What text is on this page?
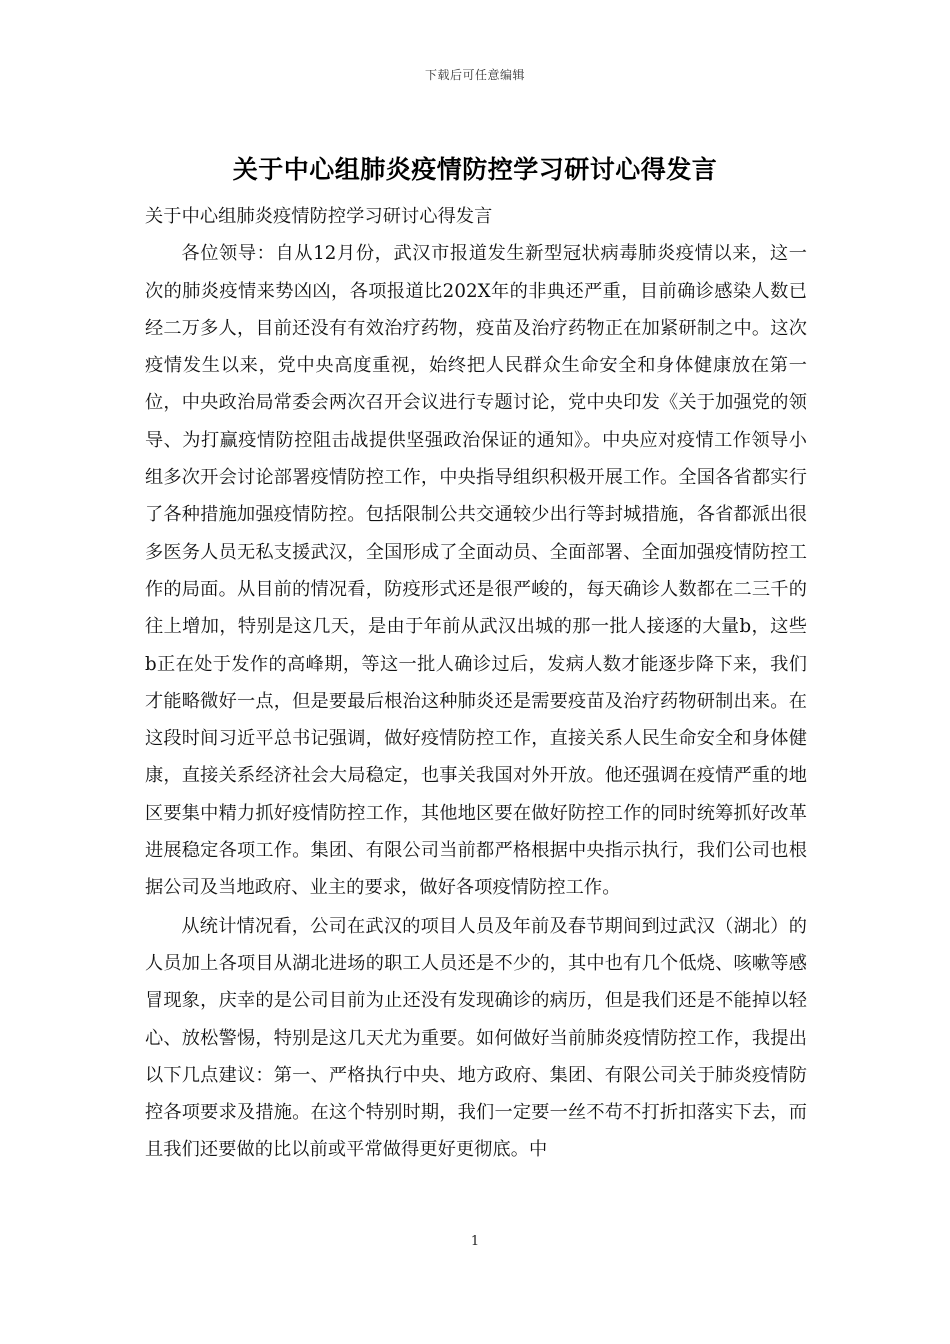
下载后可任意编辑
关于中心组肺炎疫情防控学习研讨心得发言

关于中心组肺炎疫情防控学习研讨心得发言

各位领导：自从12月份，武汉市报道发生新型冠状病毒肺炎疫情以来，这一次的肺炎疫情来势凶凶，各项报道比202X年的非典还严重，目前确诊感染人数已经二万多人，目前还没有有效治疗药物，疫苗及治疗药物正在加紧研制之中。这次疫情发生以来，党中央高度重视，始终把人民群众生命安全和身体健康放在第一位，中央政治局常委会两次召开会议进行专题讨论，党中央印发《关于加强党的领导、为打赢疫情防控阻击战提供坚强政治保证的通知》。中央应对疫情工作领导小组多次开会讨论部署疫情防控工作，中央指导组织积极开展工作。全国各省都实行了各种措施加强疫情防控。包括限制公共交通较少出行等封城措施，各省都派出很多医务人员无私支援武汉，全国形成了全面动员、全面部署、全面加强疫情防控工作的局面。从目前的情况看，防疫形式还是很严峻的，每天确诊人数都在二三千的往上增加，特别是这几天，是由于年前从武汉出城的那一批人接逐的大量b，这些b正在处于发作的高峰期，等这一批人确诊过后，发病人数才能逐步降下来，我们才能略微好一点，但是要最后根治这种肺炎还是需要疫苗及治疗药物研制出来。在这段时间习近平总书记强调，做好疫情防控工作，直接关系人民生命安全和身体健康，直接关系经济社会大局稳定，也事关我国对外开放。他还强调在疫情严重的地区要集中精力抓好疫情防控工作，其他地区要在做好防控工作的同时统筹抓好改革进展稳定各项工作。集团、有限公司当前都严格根据中央指示执行，我们公司也根据公司及当地政府、业主的要求，做好各项疫情防控工作。

从统计情况看，公司在武汉的项目人员及年前及春节期间到过武汉（湖北）的人员加上各项目从湖北进场的职工人员还是不少的，其中也有几个低烧、咳嗽等感冒现象，庆幸的是公司目前为止还没有发现确诊的病历，但是我们还是不能掉以轻心、放松警惕，特别是这几天尤为重要。如何做好当前肺炎疫情防控工作，我提出以下几点建议：第一、严格执行中央、地方政府、集团、有限公司关于肺炎疫情防控各项要求及措施。在这个特别时期，我们一定要一丝不苟不打折扣落实下去，而且我们还要做的比以前或平常做得更好更彻底。中

1
